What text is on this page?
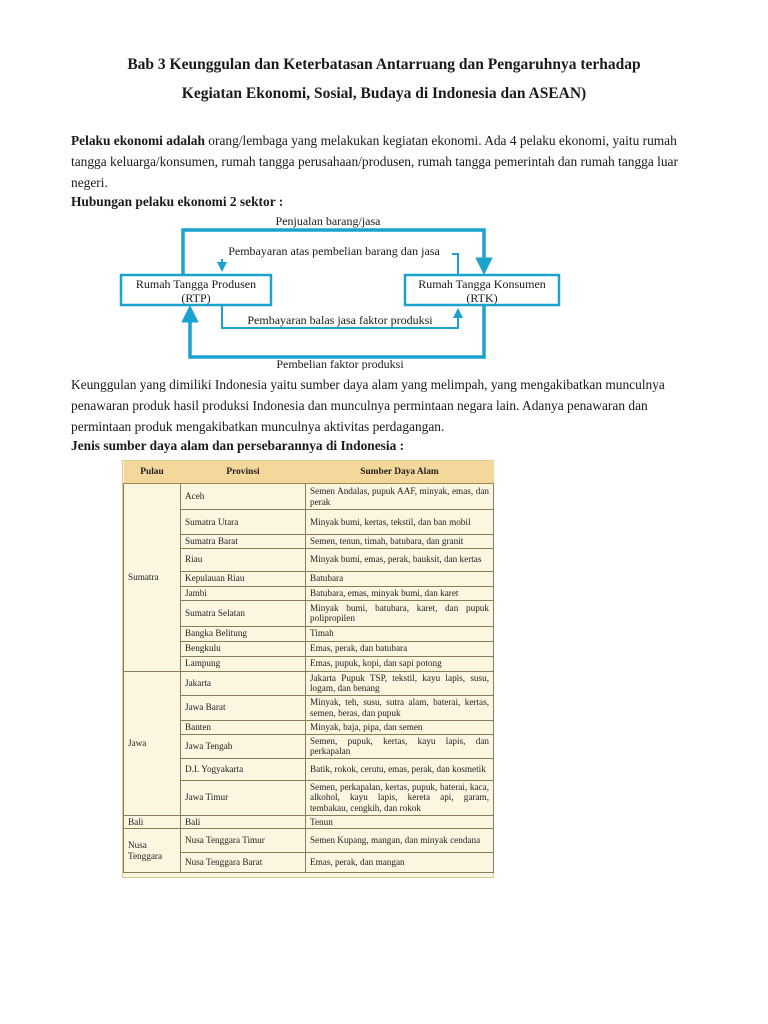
Bab 3 Keunggulan dan Keterbatasan Antarruang dan Pengaruhnya terhadap
Kegiatan Ekonomi, Sosial, Budaya di Indonesia dan ASEAN)
Pelaku ekonomi adalah orang/lembaga yang melakukan kegiatan ekonomi. Ada 4 pelaku ekonomi, yaitu rumah tangga keluarga/konsumen, rumah tangga perusahaan/produsen, rumah tangga pemerintah dan rumah tangga luar negeri.
Hubungan pelaku ekonomi 2 sektor :
Penjualan barang/jasa
Pembayaran atas pembelian barang dan jasa
Rumah Tangga Produsen
(RTP)
Rumah Tangga Konsumen
(RTK)
Pembayaran balas jasa faktor produksi
Pembelian faktor produksi
Keunggulan yang dimiliki Indonesia yaitu sumber daya alam yang melimpah, yang mengakibatkan munculnya penawaran produk hasil produksi Indonesia dan munculnya permintaan negara lain. Adanya penawaran dan permintaan produk mengakibatkan munculnya aktivitas perdagangan.
Jenis sumber daya alam dan persebarannya di Indonesia :
Pulau	Provinsi	Sumber Daya Alam
Sumatra	Aceh	Semen Andalas, pupuk AAF, minyak, emas, dan perak
	Sumatra Utara	Minyak bumi, kertas, tekstil, dan ban mobil
	Sumatra Barat	Semen, tenun, timah, batubara, dan granit
	Riau	Minyak bumi, emas, perak, bauksit, dan kertas
	Kepulauan Riau	Batubara
	Jambi	Batubara, emas, minyak bumi, dan karet
	Sumatra Selatan	Minyak bumi, batubara, karet, dan pupuk polipropilen
	Bangka Belitung	Timah
	Bengkulu	Emas, perak, dan batubara
	Lampung	Emas, pupuk, kopi, dan sapi potong
Jawa	Jakarta	Jakarta Pupuk TSP, tekstil, kayu lapis, susu, logam, dan benang
	Jawa Barat	Minyak, teh, susu, sutra alam, baterai, kertas, semen, beras, dan pupuk
	Banten	Minyak, baja, pipa, dan semen
	Jawa Tengah	Semen, pupuk, kertas, kayu lapis, dan perkapalan
	D.I. Yogyakarta	Batik, rokok, cerutu, emas, perak, dan kosmetik
	Jawa Timur	Semen, perkapalan, kertas, pupuk, baterai, kaca, alkohol, kayu lapis, kereta api, garam, tembakau, cengkih, dan rokok
Bali	Bali	Tenun
Nusa Tenggara	Nusa Tenggara Timur	Semen Kupang, mangan, dan minyak cendana
	Nusa Tenggara Barat	Emas, perak, dan mangan
